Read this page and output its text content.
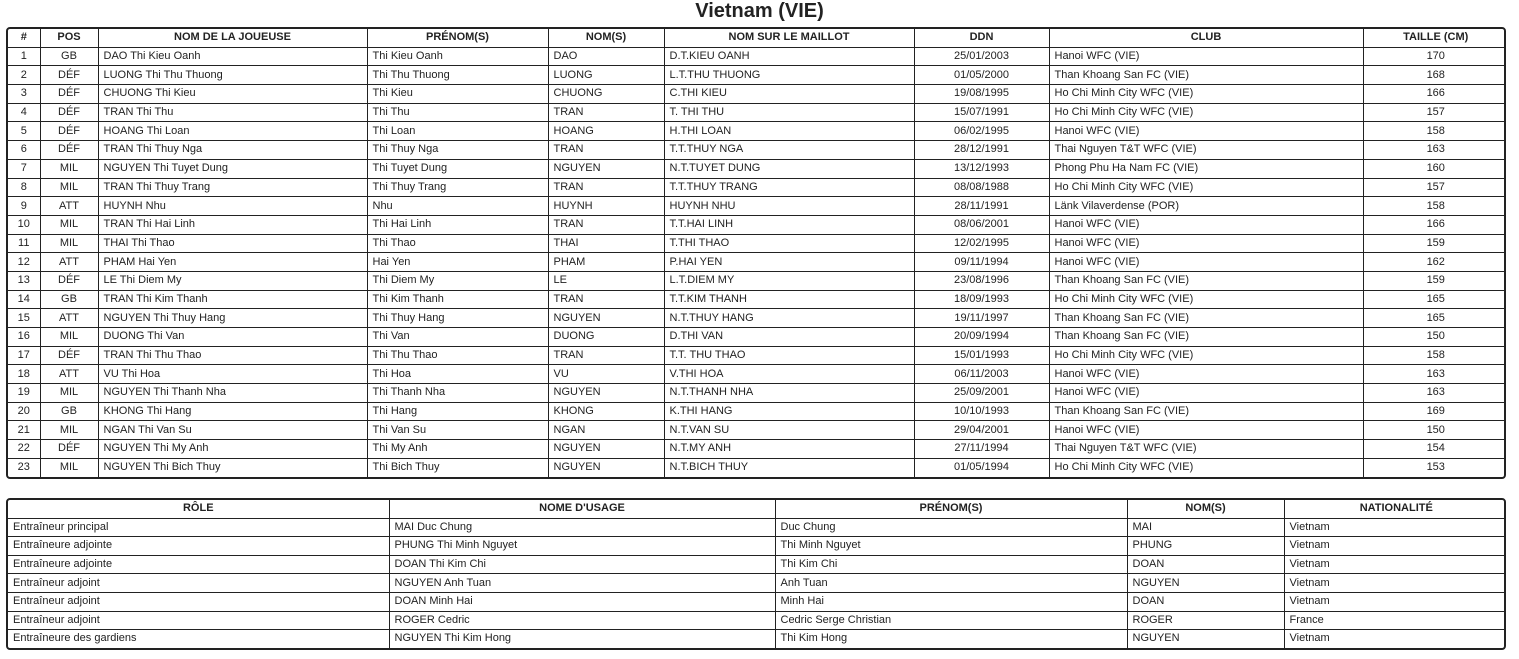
Vietnam (VIE)
#	POS	NOM DE LA JOUEUSE	PRÉNOM(S)	NOM(S)	NOM SUR LE MAILLOT	DDN	CLUB	TAILLE (CM)
1	GB	DAO Thi Kieu Oanh	Thi Kieu Oanh	DAO	D.T.KIEU OANH	25/01/2003	Hanoi WFC (VIE)	170
2	DÉF	LUONG Thi Thu Thuong	Thi Thu Thuong	LUONG	L.T.THU THUONG	01/05/2000	Than Khoang San FC (VIE)	168
3	DÉF	CHUONG Thi Kieu	Thi Kieu	CHUONG	C.THI KIEU	19/08/1995	Ho Chi Minh City WFC (VIE)	166
4	DÉF	TRAN Thi Thu	Thi Thu	TRAN	T. THI THU	15/07/1991	Ho Chi Minh City WFC (VIE)	157
5	DÉF	HOANG Thi Loan	Thi Loan	HOANG	H.THI LOAN	06/02/1995	Hanoi WFC (VIE)	158
6	DÉF	TRAN Thi Thuy Nga	Thi Thuy Nga	TRAN	T.T.THUY NGA	28/12/1991	Thai Nguyen T&T WFC (VIE)	163
7	MIL	NGUYEN Thi Tuyet Dung	Thi Tuyet Dung	NGUYEN	N.T.TUYET DUNG	13/12/1993	Phong Phu Ha Nam FC (VIE)	160
8	MIL	TRAN Thi Thuy Trang	Thi Thuy Trang	TRAN	T.T.THUY TRANG	08/08/1988	Ho Chi Minh City WFC (VIE)	157
9	ATT	HUYNH Nhu	Nhu	HUYNH	HUYNH NHU	28/11/1991	Länk Vilaverdense (POR)	158
10	MIL	TRAN Thi Hai Linh	Thi Hai Linh	TRAN	T.T.HAI LINH	08/06/2001	Hanoi WFC (VIE)	166
11	MIL	THAI Thi Thao	Thi Thao	THAI	T.THI THAO	12/02/1995	Hanoi WFC (VIE)	159
12	ATT	PHAM Hai Yen	Hai Yen	PHAM	P.HAI YEN	09/11/1994	Hanoi WFC (VIE)	162
13	DÉF	LE Thi Diem My	Thi Diem My	LE	L.T.DIEM MY	23/08/1996	Than Khoang San FC (VIE)	159
14	GB	TRAN Thi Kim Thanh	Thi Kim Thanh	TRAN	T.T.KIM THANH	18/09/1993	Ho Chi Minh City WFC (VIE)	165
15	ATT	NGUYEN Thi Thuy Hang	Thi Thuy Hang	NGUYEN	N.T.THUY HANG	19/11/1997	Than Khoang San FC (VIE)	165
16	MIL	DUONG Thi Van	Thi Van	DUONG	D.THI VAN	20/09/1994	Than Khoang San FC (VIE)	150
17	DÉF	TRAN Thi Thu Thao	Thi Thu Thao	TRAN	T.T. THU THAO	15/01/1993	Ho Chi Minh City WFC (VIE)	158
18	ATT	VU Thi Hoa	Thi Hoa	VU	V.THI HOA	06/11/2003	Hanoi WFC (VIE)	163
19	MIL	NGUYEN Thi Thanh Nha	Thi Thanh Nha	NGUYEN	N.T.THANH NHA	25/09/2001	Hanoi WFC (VIE)	163
20	GB	KHONG Thi Hang	Thi Hang	KHONG	K.THI HANG	10/10/1993	Than Khoang San FC (VIE)	169
21	MIL	NGAN Thi Van Su	Thi Van Su	NGAN	N.T.VAN SU	29/04/2001	Hanoi WFC (VIE)	150
22	DÉF	NGUYEN Thi My Anh	Thi My Anh	NGUYEN	N.T.MY ANH	27/11/1994	Thai Nguyen T&T WFC (VIE)	154
23	MIL	NGUYEN Thi Bich Thuy	Thi Bich Thuy	NGUYEN	N.T.BICH THUY	01/05/1994	Ho Chi Minh City WFC (VIE)	153
RÔLE	NOME D'USAGE	PRÉNOM(S)	NOM(S)	NATIONALITÉ
Entraîneur principal	MAI Duc Chung	Duc Chung	MAI	Vietnam
Entraîneure adjointe	PHUNG Thi Minh Nguyet	Thi Minh Nguyet	PHUNG	Vietnam
Entraîneure adjointe	DOAN Thi Kim Chi	Thi Kim Chi	DOAN	Vietnam
Entraîneur adjoint	NGUYEN Anh Tuan	Anh Tuan	NGUYEN	Vietnam
Entraîneur adjoint	DOAN Minh Hai	Minh Hai	DOAN	Vietnam
Entraîneur adjoint	ROGER Cedric	Cedric Serge Christian	ROGER	France
Entraîneure des gardiens	NGUYEN Thi Kim Hong	Thi Kim Hong	NGUYEN	Vietnam
